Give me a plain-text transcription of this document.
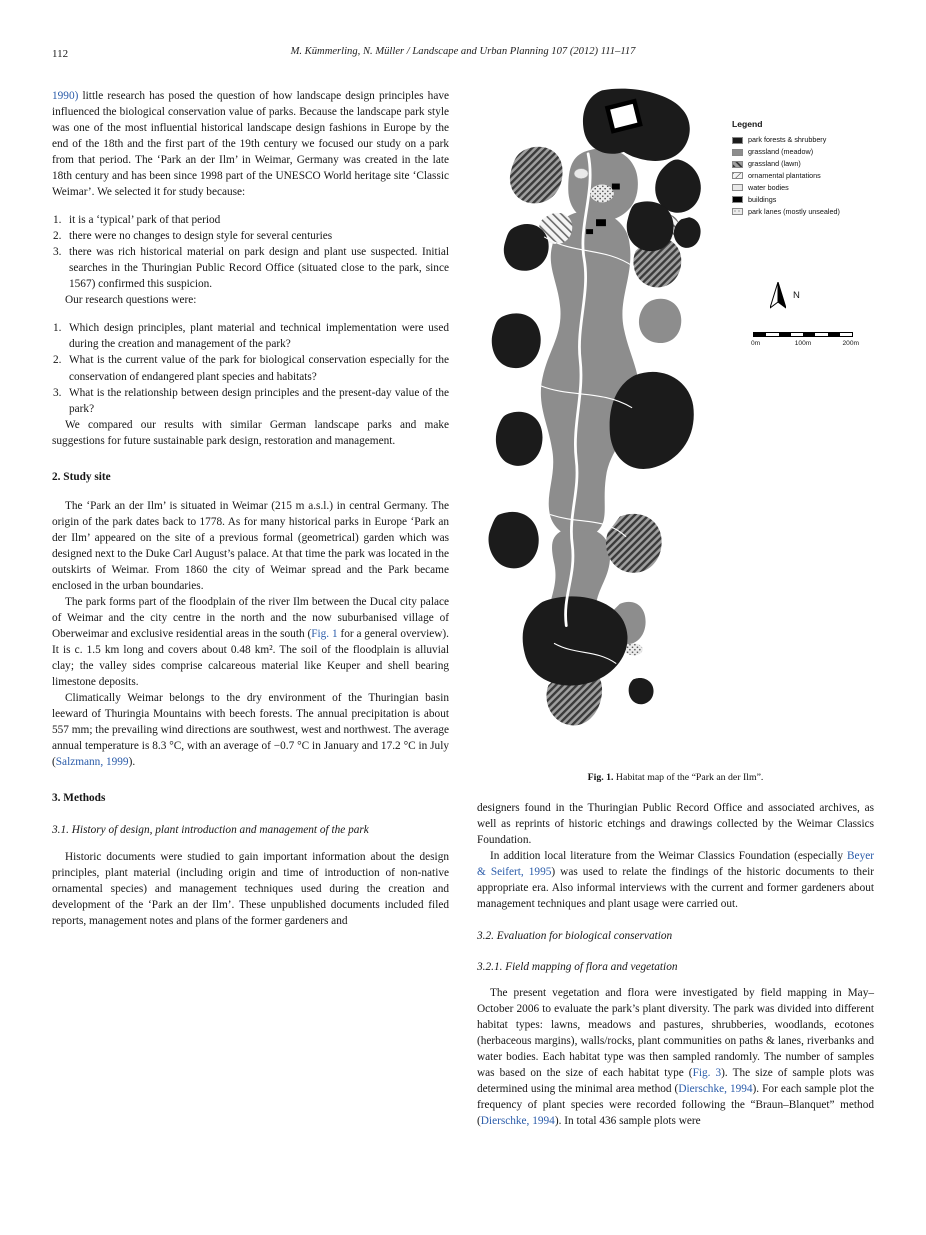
112	M. Kümmerling, N. Müller / Landscape and Urban Planning 107 (2012) 111–117

1990) little research has posed the question of how landscape design principles have influenced the biological conservation value of parks. Because the landscape park style was one of the most influential historical landscape design fashions in Europe by the end of the 18th and the first part of the 19th century we focused our study on a park from that period. The ‘Park an der Ilm’ in Weimar, Germany was created in the late 18th century and has been since 1998 part of the UNESCO World heritage site ‘Classic Weimar’. We selected it for study because:

it is a ‘typical’ park of that period
there were no changes to design style for several centuries
there was rich historical material on park design and plant use suspected. Initial searches in the Thuringian Public Record Office (situated close to the park, since 1567) confirmed this suspicion.

Our research questions were:

Which design principles, plant material and technical implementation were used during the creation and management of the park?
What is the current value of the park for biological conservation especially for the conservation of endangered plant species and habitats?
What is the relationship between design principles and the present-day value of the park?

We compared our results with similar German landscape parks and make suggestions for future sustainable park design, restoration and management.

2. Study site

The ‘Park an der Ilm’ is situated in Weimar (215 m a.s.l.) in central Germany. The origin of the park dates back to 1778. As for many historical parks in Europe ‘Park an der Ilm’ appeared on the site of a previous formal (geometrical) garden which was designed next to the Duke Carl August’s palace. At that time the park was located in the outskirts of Weimar. From 1860 the city of Weimar spread and the Park became enclosed in the urban boundaries.

The park forms part of the floodplain of the river Ilm between the Ducal city palace of Weimar and the city centre in the north and the now suburbanised village of Oberweimar and exclusive residential areas in the south (Fig. 1 for a general overview). It is c. 1.5 km long and covers about 0.48 km². The soil of the floodplain is alluvial clay; the valley sides comprise calcareous material like Keuper and shell bearing limestone deposits.

Climatically Weimar belongs to the dry environment of the Thuringian basin leeward of Thuringia Mountains with beech forests. The annual precipitation is about 557 mm; the prevailing wind directions are southwest, west and northwest. The average annual temperature is 8.3 °C, with an average of −0.7 °C in January and 17.2 °C in July (Salzmann, 1999).

3. Methods
3.1. History of design, plant introduction and management of the park

Historic documents were studied to gain important information about the design principles, plant material (including origin and time of introduction of non-native ornamental species) and management techniques used during the creation and development of the ‘Park an der Ilm’. These unpublished documents included filed reports, management notes and plans of the former gardeners and

Legend
park forests & shrubbery
grassland (meadow)
grassland (lawn)
ornamental plantations
water bodies
buildings
park lanes (mostly unsealed)
N
0m	100m	200m
Fig. 1. Habitat map of the “Park an der Ilm”.

designers found in the Thuringian Public Record Office and associated archives, as well as reprints of historic etchings and drawings collected by the Weimar Classics Foundation.

In addition local literature from the Weimar Classics Foundation (especially Beyer & Seifert, 1995) was used to relate the findings of the historic documents to their appropriate era. Also informal interviews with the current and former gardeners about management techniques and plant usage were carried out.

3.2. Evaluation for biological conservation
3.2.1. Field mapping of flora and vegetation

The present vegetation and flora were investigated by field mapping in May–October 2006 to evaluate the park’s plant diversity. The park was divided into different habitat types: lawns, meadows and pastures, shrubberies, woodlands, ecotones (herbaceous margins), walls/rocks, plant communities on paths & lanes, riverbanks and water bodies. Each habitat type was then sampled randomly. The number of samples was based on the size of each habitat type (Fig. 3). The size of sample plots was determined using the minimal area method (Dierschke, 1994). For each sample plot the frequency of plant species were recorded following the “Braun–Blanquet” method (Dierschke, 1994). In total 436 sample plots were
